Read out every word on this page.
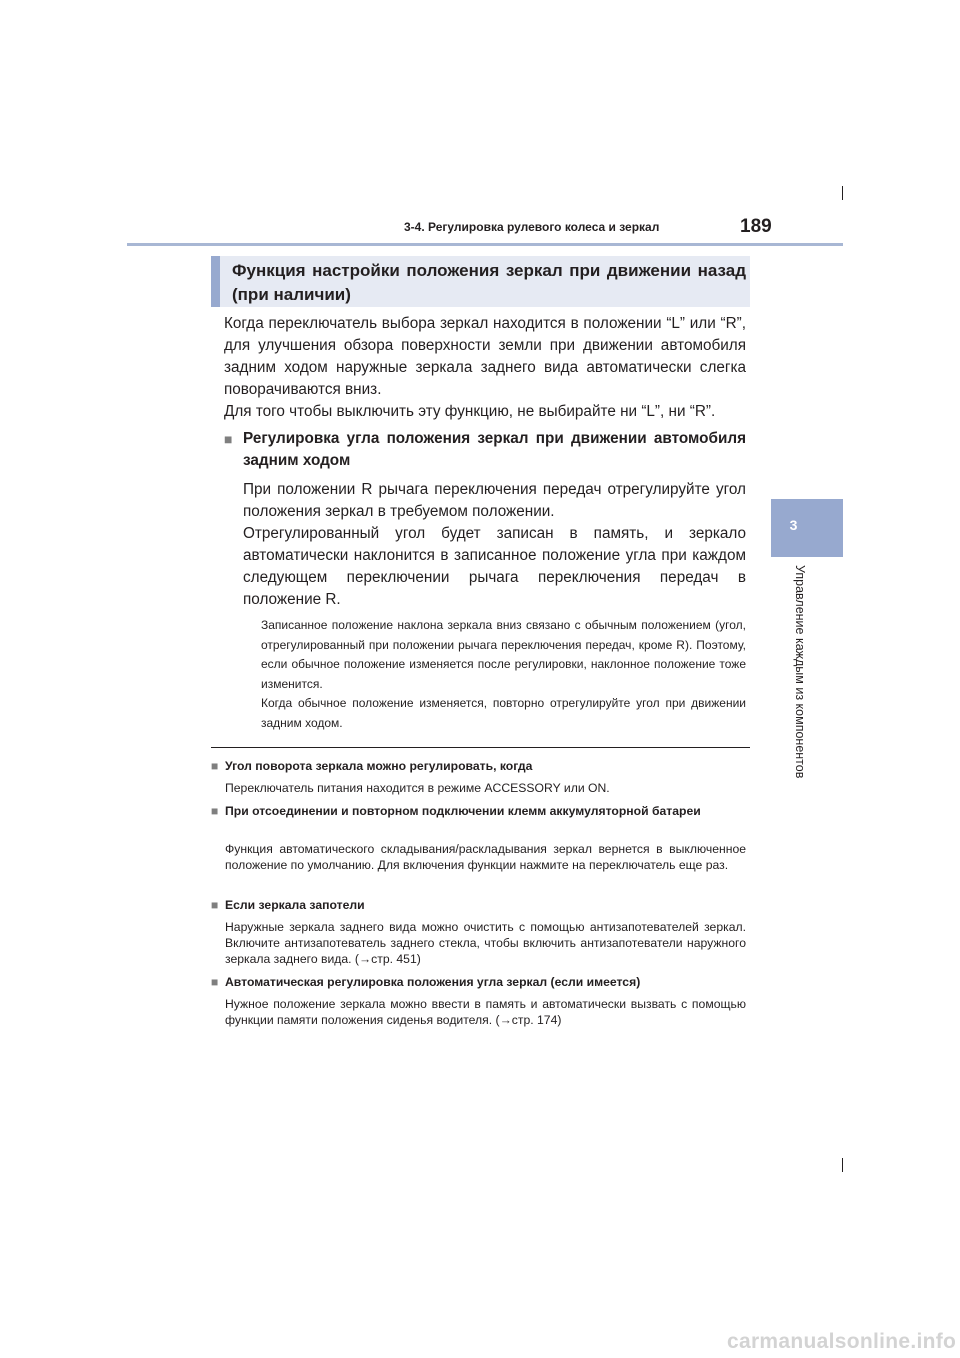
3-4. Регулировка рулевого колеса и зеркал	189
3
Управление каждым из компонентов
Функция настройки положения зеркал при движении назад (при наличии)

Когда переключатель выбора зеркал находится в положении “L” или “R”, для улучшения обзора поверхности земли при движении автомобиля задним ходом наружные зеркала заднего вида автоматически слегка поворачиваются вниз.

Для того чтобы выключить эту функцию, не выбирайте ни “L”, ни “R”.

■ Регулировка угла положения зеркал при движении автомобиля задним ходом

При положении R рычага переключения передач отрегулируйте угол положения зеркал в требуемом положении.

Отрегулированный угол будет записан в память, и зеркало автоматически наклонится в записанное положение угла при каждом следующем переключении рычага переключения передач в положение R.

Записанное положение наклона зеркала вниз связано с обычным положением (угол, отрегулированный при положении рычага переключения передач, кроме R). Поэтому, если обычное положение изменяется после регулировки, наклонное положение тоже изменится.

Когда обычное положение изменяется, повторно отрегулируйте угол при движении задним ходом.

■ Угол поворота зеркала можно регулировать, когда

Переключатель питания находится в режиме ACCESSORY или ON.

■ При отсоединении и повторном подключении клемм аккумуляторной батареи

Функция автоматического складывания/раскладывания зеркал вернется в выключенное положение по умолчанию. Для включения функции нажмите на переключатель еще раз.

■ Если зеркала запотели

Наружные зеркала заднего вида можно очистить с помощью антизапотевателей зеркал. Включите антизапотеватель заднего стекла, чтобы включить антизапотеватели наружного зеркала заднего вида. (→стр. 451)

■ Автоматическая регулировка положения угла зеркал (если имеется)

Нужное положение зеркала можно ввести в память и автоматически вызвать с помощью функции памяти положения сиденья водителя. (→стр. 174)

carmanualsonline.info
